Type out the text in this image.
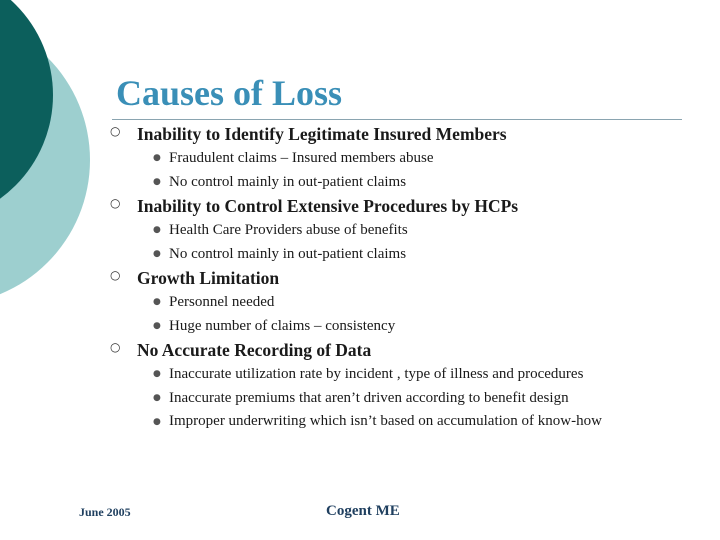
Causes of Loss
○ Inability to Identify Legitimate Insured Members
● Fraudulent claims – Insured members abuse
● No control mainly in out-patient claims
○ Inability to Control Extensive Procedures by HCPs
● Health Care Providers abuse of benefits
● No control mainly in out-patient claims
○ Growth Limitation
● Personnel needed
● Huge number of claims – consistency
○ No Accurate Recording of Data
● Inaccurate utilization rate by incident , type of illness and procedures
● Inaccurate premiums that aren’t driven according to benefit design
● Improper underwriting which isn’t based on accumulation of know-how
June 2005	Cogent ME
